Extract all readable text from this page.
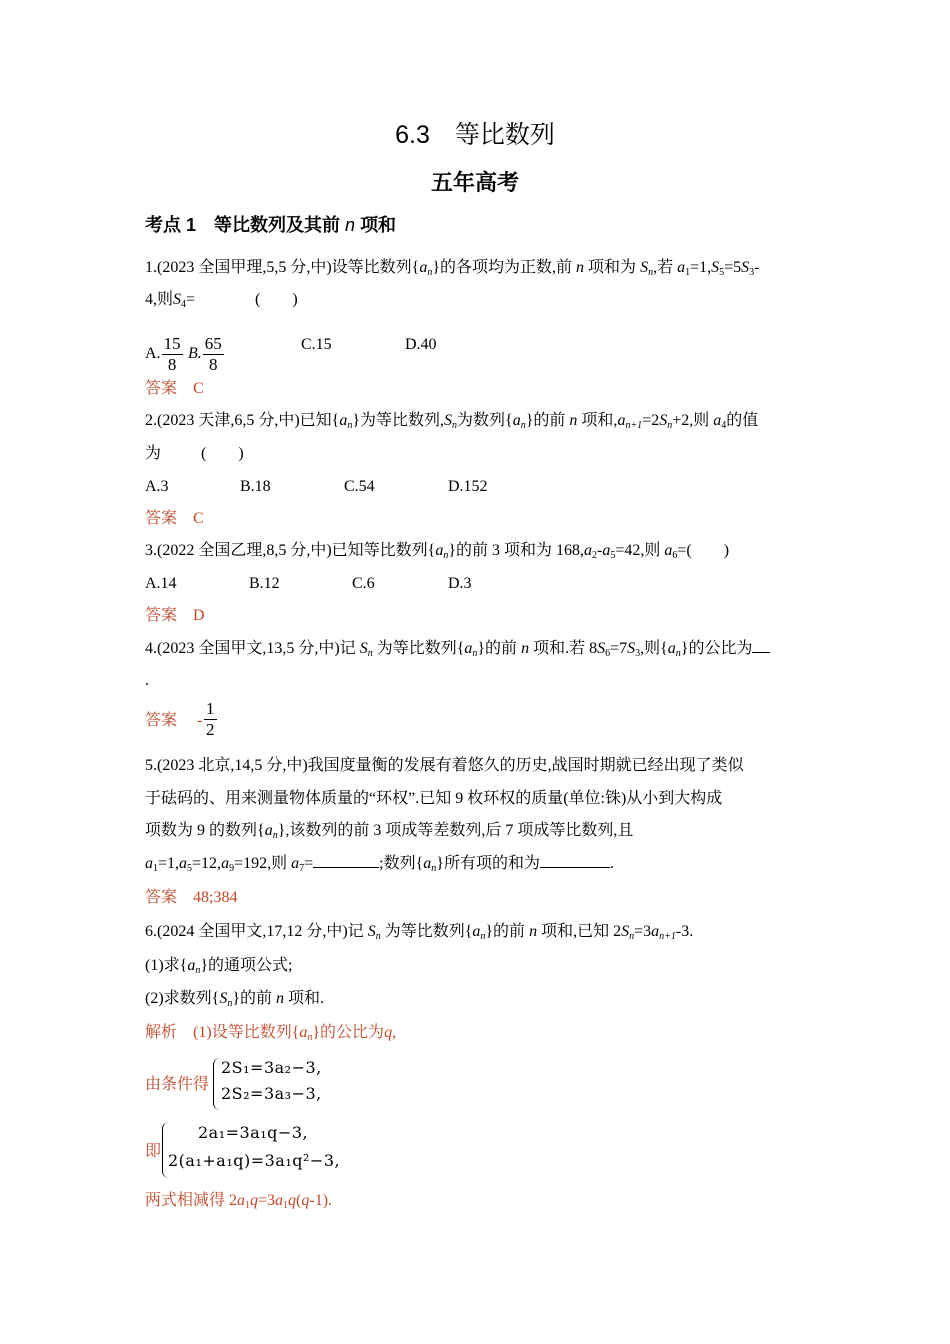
6.3　等比数列
五年高考
考点 1　等比数列及其前 n 项和
1.(2023 全国甲理,5,5 分,中)设等比数列$\{a_n\}$的各项均为正数,前 n 项和为 $S_n$,若 $a_1=1,S_5=5S_3-$
4,则$S_4=$	(　　)
A. $\frac{15}{8} B$. $\frac{65}{8}$	C.15	D.40
答案　 C
2.(2023 天津,6,5 分,中)已知$\{a_n\}$为等比数列$,S_n$为数列$\{a_n\}$的前 n 项和$,a_{n+1}=2S_n+2$,则 $a_4$的值
为	(　　)
A.3	B.18	C.54	D.152
答案　 C
3.(2022 全国乙理,8,5 分,中)已知等比数列$\{a_n\}$的前 3 项和为 $168,a_2-a_5=42$,则 $a_6=$(　　)
A.14	B.12	C.6	D.3
答案　 D
4.(2023 全国甲文,13,5 分,中)记 $S_n$ 为等比数列$\{a_n\}$的前 n 项和.若 $8S_6=7S_3$,则$\{a_n\}$的公比为
.
答案 - $\frac{1}{2}$
5.(2023 北京,14,5 分,中)我国度量衡的发展有着悠久的历史,战国时期就已经出现了类似
于砝码的、用来测量物体质量的“环权”.已知 9 枚环权的质量(单位:铢)从小到大构成
项数为 9 的数列$\{a_n\}$,该数列的前 3 项成等差数列,后 7 项成等比数列,且
$a_1=1,a_5=12,a_9=192$,则 $a_7=$	;数列$\{a_n\}$所有项的和为	.
答案　 48;384
6.(2024 全国甲文,17,12 分,中)记 $S_n$ 为等比数列$\{a_n\}$的前 n 项和,已知 $2S_n=3a_{n+1}-3$.
(1)求$\{a_n\}$的通项公式;
(2)求数列$\{S_n\}$的前 n 项和.
解析　 (1)设等比数列$\{a_n\}$的公比为q,
由条件得
2S₁=3a₂−3,
2S₂=3a₃−3,
即
2a₁=3a₁q−3,
2(a₁+a₁q)=3a₁q²−3,
两式相减得 $2a_1q=3a_1q(q-1)$.
